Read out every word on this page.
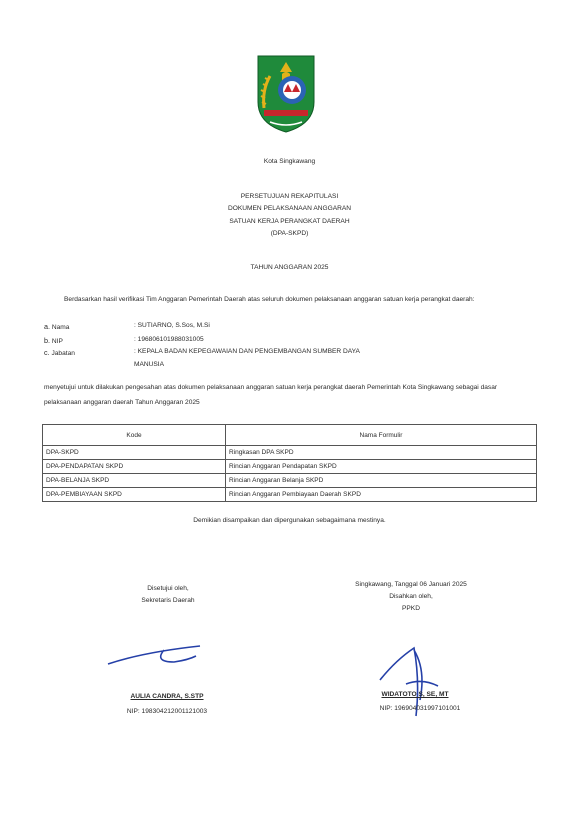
Kota Singkawang
PERSETUJUAN REKAPITULASI
DOKUMEN PELAKSANAAN ANGGARAN
SATUAN KERJA PERANGKAT DAERAH
(DPA-SKPD)
TAHUN ANGGARAN 2025
Berdasarkan hasil verifikasi Tim Anggaran Pemerintah Daerah atas seluruh dokumen pelaksanaan anggaran satuan kerja perangkat daerah:
a. Nama	: SUTIARNO, S.Sos, M.Si
b. NIP	: 196806101988031005
c. Jabatan	: KEPALA BADAN KEPEGAWAIAN DAN PENGEMBANGAN SUMBER DAYA
MANUSIA
menyetujui untuk dilakukan pengesahan atas dokumen pelaksanaan anggaran satuan kerja perangkat daerah Pemerintah Kota Singkawang sebagai dasar pelaksanaan anggaran daerah Tahun Anggaran 2025
Kode	Nama Formulir
DPA-SKPD	Ringkasan DPA SKPD
DPA-PENDAPATAN SKPD	Rincian Anggaran Pendapatan SKPD
DPA-BELANJA SKPD	Rincian Anggaran Belanja SKPD
DPA-PEMBIAYAAN SKPD	Rincian Anggaran Pembiayaan Daerah SKPD
Demikian disampaikan dan dipergunakan sebagaimana mestinya.
Disetujui oleh,
Sekretaris Daerah
AULIA CANDRA, S.STP
NIP: 198304212001121003
Singkawang, Tanggal 06 Januari 2025
Disahkan oleh,
PPKD
WIDATOTO S, SE, MT
NIP: 196904031997101001
